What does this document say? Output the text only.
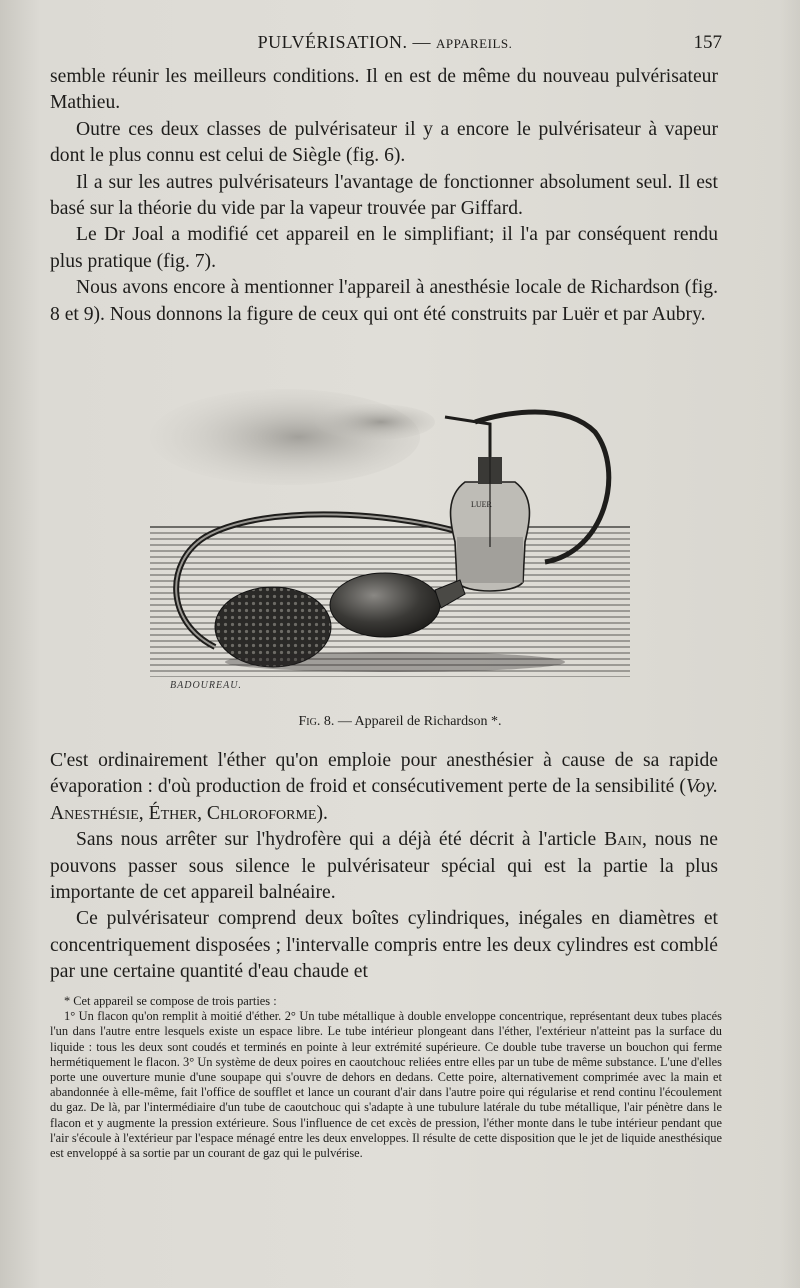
PULVÉRISATION. — APPAREILS.	157

semble réunir les meilleurs conditions. Il en est de même du nouveau pulvérisateur Mathieu.

Outre ces deux classes de pulvérisateur il y a encore le pulvérisateur à vapeur dont le plus connu est celui de Siègle (fig. 6).

Il a sur les autres pulvérisateurs l'avantage de fonctionner absolument seul. Il est basé sur la théorie du vide par la vapeur trouvée par Giffard.

Le Dr Joal a modifié cet appareil en le simplifiant; il l'a par conséquent rendu plus pratique (fig. 7).

Nous avons encore à mentionner l'appareil à anesthésie locale de Richardson (fig. 8 et 9). Nous donnons la figure de ceux qui ont été construits par Luër et par Aubry.

LUER
BADOUREAU.
Fig. 8. — Appareil de Richardson *.

C'est ordinairement l'éther qu'on emploie pour anesthésier à cause de sa rapide évaporation : d'où production de froid et consécutivement perte de la sensibilité (Voy. Anesthésie, Éther, Chloroforme).

Sans nous arrêter sur l'hydrofère qui a déjà été décrit à l'article Bain, nous ne pouvons passer sous silence le pulvérisateur spécial qui est la partie la plus importante de cet appareil balnéaire.

Ce pulvérisateur comprend deux boîtes cylindriques, inégales en diamètres et concentriquement disposées ; l'intervalle compris entre les deux cylindres est comblé par une certaine quantité d'eau chaude et

* Cet appareil se compose de trois parties :

1° Un flacon qu'on remplit à moitié d'éther. 2° Un tube métallique à double enveloppe concentrique, représentant deux tubes placés l'un dans l'autre entre lesquels existe un espace libre. Le tube intérieur plongeant dans l'éther, l'extérieur n'atteint pas la surface du liquide : tous les deux sont coudés et terminés en pointe à leur extrémité supérieure. Ce double tube traverse un bouchon qui ferme hermétiquement le flacon. 3° Un système de deux poires en caoutchouc reliées entre elles par un tube de même substance. L'une d'elles porte une ouverture munie d'une soupape qui s'ouvre de dehors en dedans. Cette poire, alternativement comprimée avec la main et abandonnée à elle-même, fait l'office de soufflet et lance un courant d'air dans l'autre poire qui régularise et rend continu l'écoulement du gaz. De là, par l'intermédiaire d'un tube de caoutchouc qui s'adapte à une tubulure latérale du tube métallique, l'air pénètre dans le flacon et y augmente la pression extérieure. Sous l'influence de cet excès de pression, l'éther monte dans le tube intérieur pendant que l'air s'écoule à l'extérieur par l'espace ménagé entre les deux enveloppes. Il résulte de cette disposition que le jet de liquide anesthésique est enveloppé à sa sortie par un courant de gaz qui le pulvérise.
